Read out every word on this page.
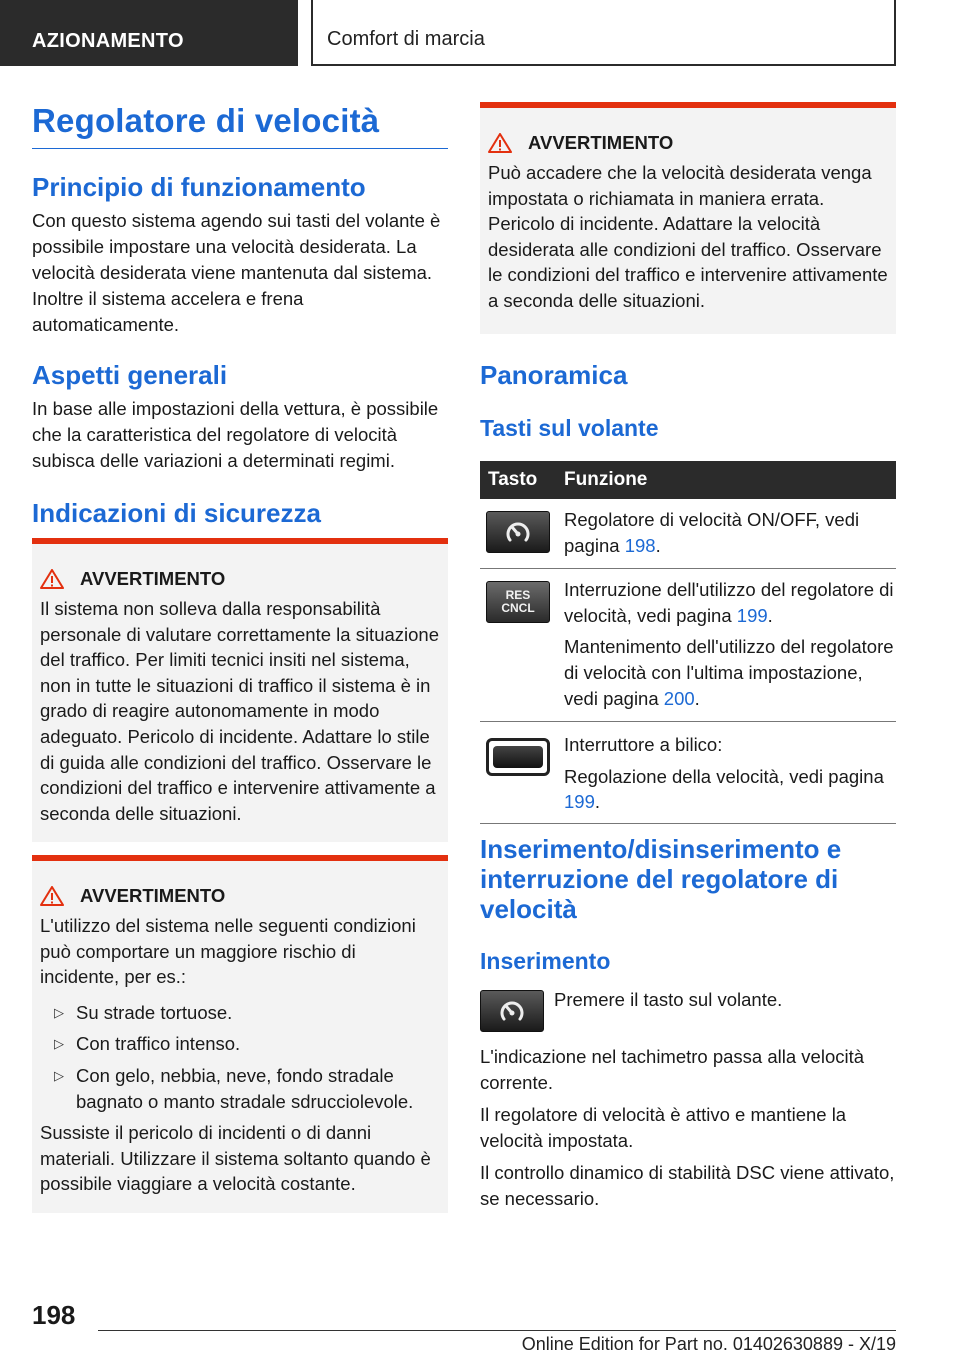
AZIONAMENTO	Comfort di marcia
Regolatore di velocità
Principio di funzionamento
Con questo sistema agendo sui tasti del volante è possibile impostare una velocità desiderata. La velocità desiderata viene mantenuta dal sistema. Inoltre il sistema accelera e frena automaticamente.
Aspetti generali
In base alle impostazioni della vettura, è possibile che la caratteristica del regolatore di velocità subisca delle variazioni a determinati regimi.
Indicazioni di sicurezza
AVVERTIMENTO
Il sistema non solleva dalla responsabilità personale di valutare correttamente la situazione del traffico. Per limiti tecnici insiti nel sistema, non in tutte le situazioni di traffico il sistema è in grado di reagire autonomamente in modo adeguato. Pericolo di incidente. Adattare lo stile di guida alle condizioni del traffico. Osservare le condizioni del traffico e intervenire attivamente a seconda delle situazioni.
AVVERTIMENTO
L'utilizzo del sistema nelle seguenti condizioni può comportare un maggiore rischio di incidente, per es.:
▷ Su strade tortuose.
▷ Con traffico intenso.
▷ Con gelo, nebbia, neve, fondo stradale bagnato o manto stradale sdrucciolevole.
Sussiste il pericolo di incidenti o di danni materiali. Utilizzare il sistema soltanto quando è possibile viaggiare a velocità costante.
AVVERTIMENTO
Può accadere che la velocità desiderata venga impostata o richiamata in maniera errata. Pericolo di incidente. Adattare la velocità desiderata alle condizioni del traffico. Osservare le condizioni del traffico e intervenire attivamente a seconda delle situazioni.
Panoramica
Tasti sul volante
Tasto	Funzione

Regolatore di velocità ON/OFF, vedi pagina 198.

RES
CNCL

Interruzione dell'utilizzo del regolatore di velocità, vedi pagina 199.

Mantenimento dell'utilizzo del regolatore di velocità con l'ultima impostazione, vedi pagina 200.

Interruttore a bilico:

Regolazione della velocità, vedi pagina 199.

Inserimento/disinserimento e interruzione del regolatore di velocità
Inserimento
Premere il tasto sul volante.
L'indicazione nel tachimetro passa alla velocità corrente.
Il regolatore di velocità è attivo e mantiene la velocità impostata.
Il controllo dinamico di stabilità DSC viene attivato, se necessario.
198
Online Edition for Part no. 01402630889 - X/19
